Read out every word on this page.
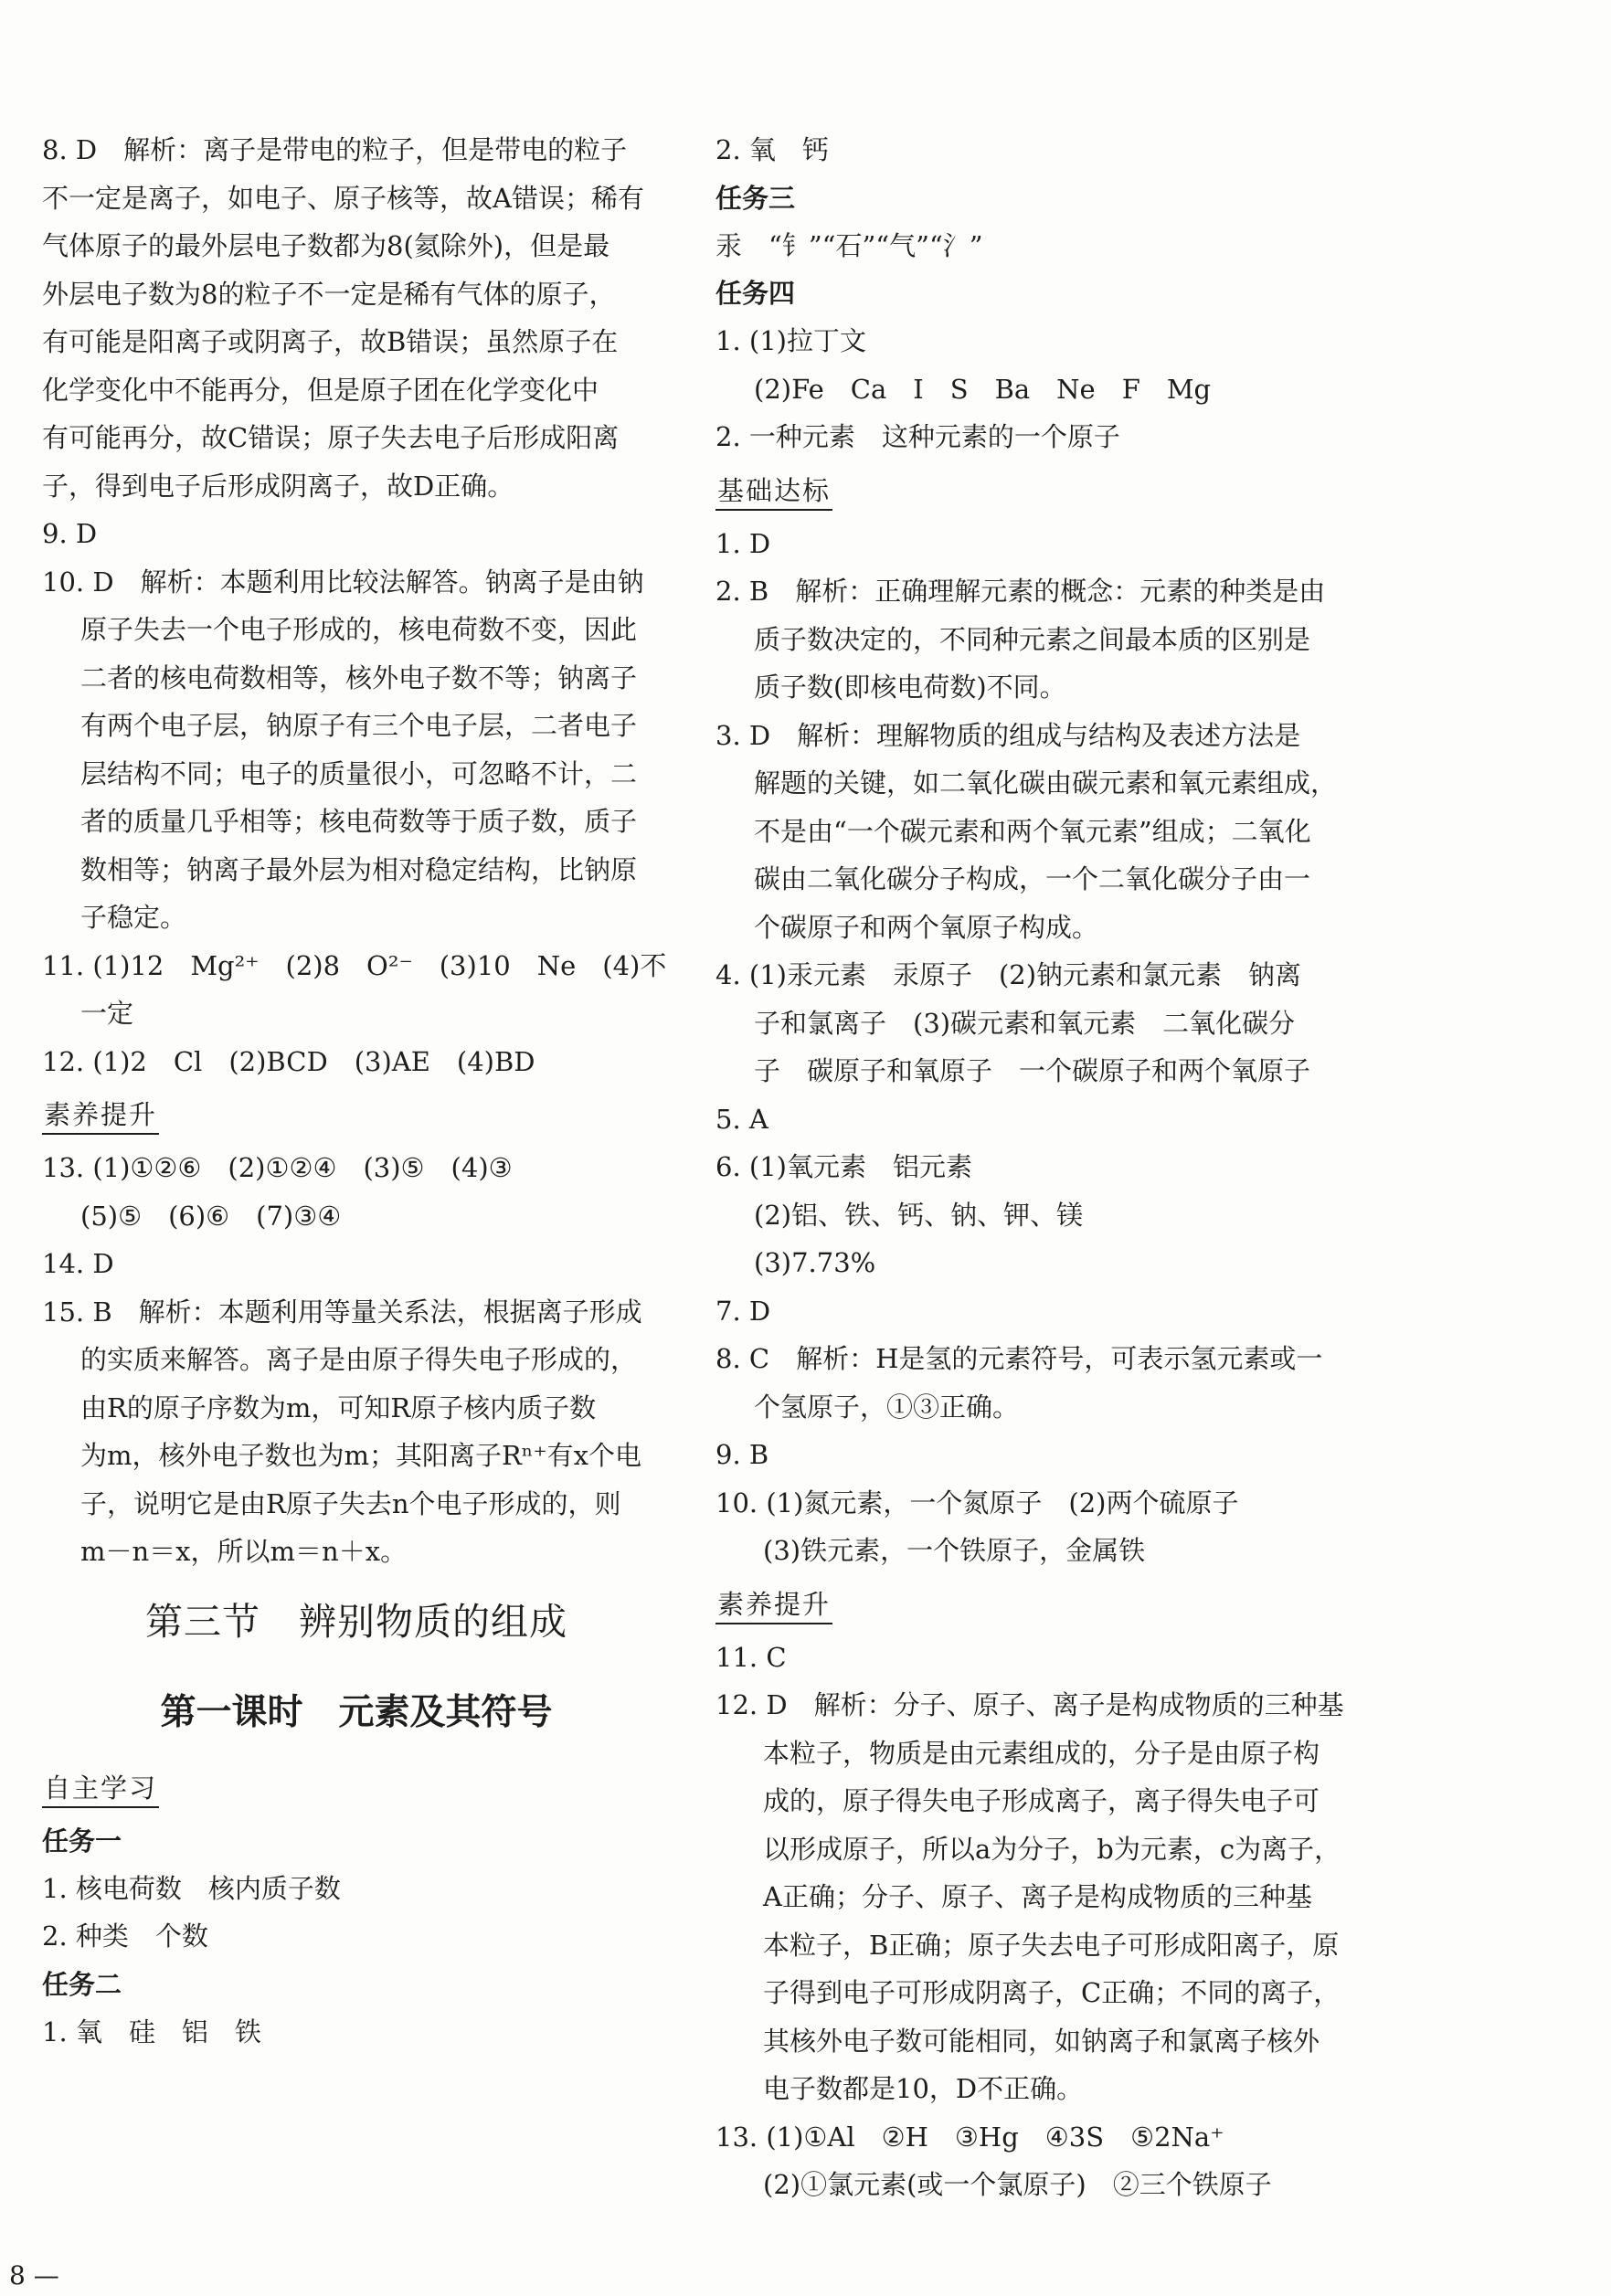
8. D　解析：离子是带电的粒子，但是带电的粒子
不一定是离子，如电子、原子核等，故A错误；稀有
气体原子的最外层电子数都为8(氦除外)，但是最
外层电子数为8的粒子不一定是稀有气体的原子，
有可能是阳离子或阴离子，故B错误；虽然原子在
化学变化中不能再分，但是原子团在化学变化中
有可能再分，故C错误；原子失去电子后形成阳离
子，得到电子后形成阴离子，故D正确。
9. D
10. D　解析：本题利用比较法解答。钠离子是由钠
原子失去一个电子形成的，核电荷数不变，因此
二者的核电荷数相等，核外电子数不等；钠离子
有两个电子层，钠原子有三个电子层，二者电子
层结构不同；电子的质量很小，可忽略不计，二
者的质量几乎相等；核电荷数等于质子数，质子
数相等；钠离子最外层为相对稳定结构，比钠原
子稳定。
11. (1)12　Mg²⁺　(2)8　O²⁻　(3)10　Ne　(4)不
一定
12. (1)2　Cl　(2)BCD　(3)AE　(4)BD
素养提升
13. (1)①②⑥　(2)①②④　(3)⑤　(4)③
(5)⑤　(6)⑥　(7)③④
14. D
15. B　解析：本题利用等量关系法，根据离子形成
的实质来解答。离子是由原子得失电子形成的，
由R的原子序数为m，可知R原子核内质子数
为m，核外电子数也为m；其阳离子Rⁿ⁺有x个电
子，说明它是由R原子失去n个电子形成的，则
m－n＝x，所以m＝n＋x。
第三节　辨别物质的组成
第一课时　元素及其符号
自主学习
任务一
1. 核电荷数　核内质子数
2. 种类　个数
任务二
1. 氧　硅　铝　铁
2. 氧　钙
任务三
汞　“钅”“石”“气”“氵”
任务四
1. (1)拉丁文
(2)Fe　Ca　I　S　Ba　Ne　F　Mg
2. 一种元素　这种元素的一个原子
基础达标
1. D
2. B　解析：正确理解元素的概念：元素的种类是由
质子数决定的，不同种元素之间最本质的区别是
质子数(即核电荷数)不同。
3. D　解析：理解物质的组成与结构及表述方法是
解题的关键，如二氧化碳由碳元素和氧元素组成，
不是由“一个碳元素和两个氧元素”组成；二氧化
碳由二氧化碳分子构成，一个二氧化碳分子由一
个碳原子和两个氧原子构成。
4. (1)汞元素　汞原子　(2)钠元素和氯元素　钠离
子和氯离子　(3)碳元素和氧元素　二氧化碳分
子　碳原子和氧原子　一个碳原子和两个氧原子
5. A
6. (1)氧元素　铝元素
(2)铝、铁、钙、钠、钾、镁
(3)7.73%
7. D
8. C　解析：H是氢的元素符号，可表示氢元素或一
个氢原子，①③正确。
9. B
10. (1)氮元素，一个氮原子　(2)两个硫原子
(3)铁元素，一个铁原子，金属铁
素养提升
11. C
12. D　解析：分子、原子、离子是构成物质的三种基
本粒子，物质是由元素组成的，分子是由原子构
成的，原子得失电子形成离子，离子得失电子可
以形成原子，所以a为分子，b为元素，c为离子，
A正确；分子、原子、离子是构成物质的三种基
本粒子，B正确；原子失去电子可形成阳离子，原
子得到电子可形成阴离子，C正确；不同的离子，
其核外电子数可能相同，如钠离子和氯离子核外
电子数都是10，D不正确。
13. (1)①Al　②H　③Hg　④3S　⑤2Na⁺
(2)①氯元素(或一个氯原子)　②三个铁原子
8 —
